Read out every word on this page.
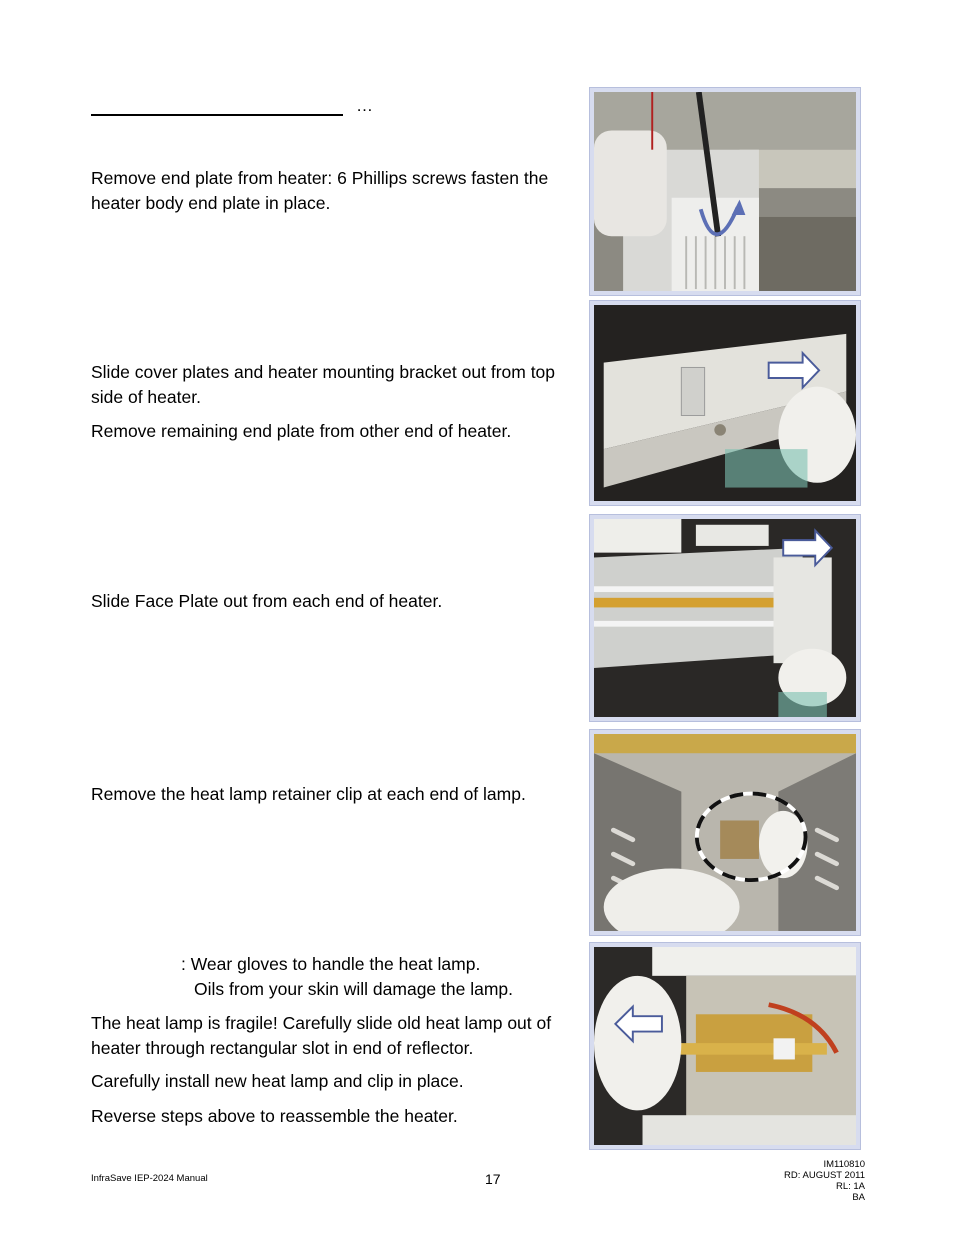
…

Remove end plate from heater: 6 Phillips screws fasten the heater body end plate in place.

Slide cover plates and heater mounting bracket out from top side of heater.

Remove remaining end plate from other end of heater.

Slide Face Plate out from each end of heater.

Remove the heat lamp retainer clip at each end of lamp.

: Wear gloves to handle the heat lamp.
Oils from your skin will damage the lamp.

The heat lamp is fragile! Carefully slide old heat lamp out of heater through rectangular slot in end of reflector.

Carefully install new heat lamp and clip in place.

Reverse steps above to reassemble the heater.

InfraSave IEP-2024 Manual	17
IM110810
RD: AUGUST 2011
RL: 1A
BA
